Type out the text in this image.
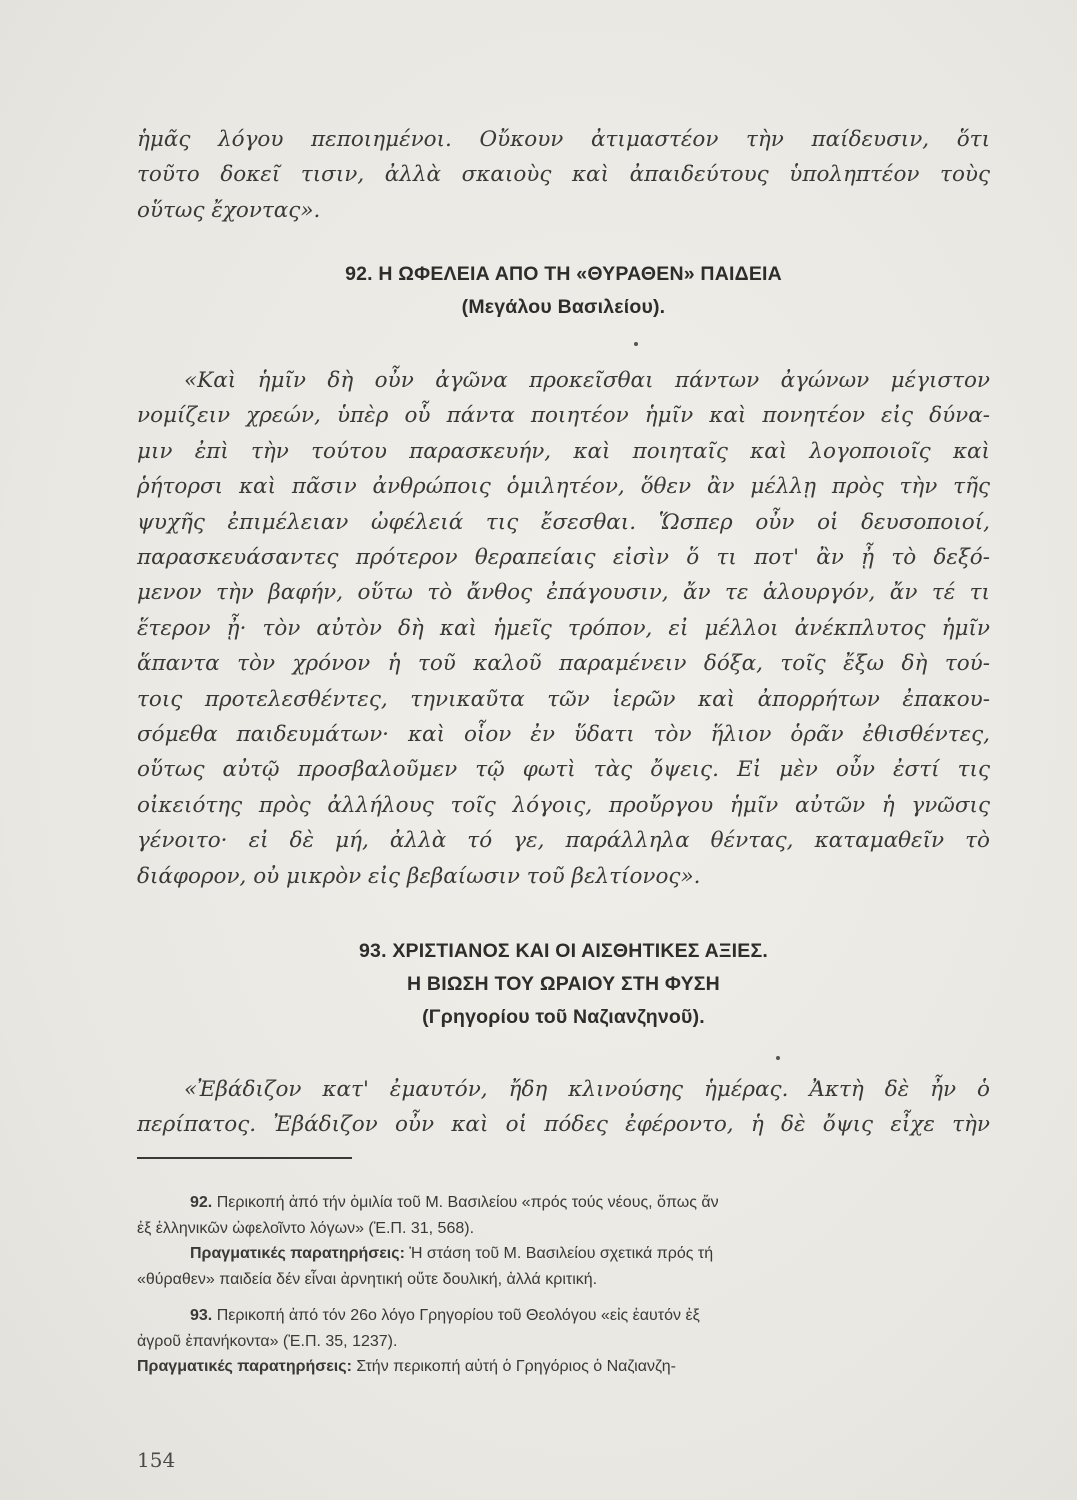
ἡμᾶς λόγου πεποιημένοι. Οὔκουν ἀτιμαστέον τὴν παίδευσιν, ὅτι
τοῦτο δοκεῖ τισιν, ἀλλὰ σκαιοὺς καὶ ἀπαιδεύτους ὑποληπτέον τοὺς
οὕτως ἔχοντας».
92. Η ΩΦΕΛΕΙΑ ΑΠΟ ΤΗ «ΘΥΡΑΘΕΝ» ΠΑΙΔΕΙΑ
(Μεγάλου Βασιλείου).
«Καὶ ἡμῖν δὴ οὖν ἀγῶνα προκεῖσθαι πάντων ἀγώνων μέγιστον
νομίζειν χρεών, ὑπὲρ οὗ πάντα ποιητέον ἡμῖν καὶ πονητέον εἰς δύνα-
μιν ἐπὶ τὴν τούτου παρασκευήν, καὶ ποιηταῖς καὶ λογοποιοῖς καὶ
ῥήτορσι καὶ πᾶσιν ἀνθρώποις ὁμιλητέον, ὅθεν ἂν μέλλῃ πρὸς τὴν τῆς
ψυχῆς ἐπιμέλειαν ὠφέλειά τις ἔσεσθαι. Ὥσπερ οὖν οἱ δευσοποιοί,
παρασκευάσαντες πρότερον θεραπείαις εἰσὶν ὅ τι ποτ' ἂν ᾖ τὸ δεξό-
μενον τὴν βαφήν, οὕτω τὸ ἄνθος ἐπάγουσιν, ἄν τε ἁλουργόν, ἄν τέ τι
ἕτερον ᾖ· τὸν αὐτὸν δὴ καὶ ἡμεῖς τρόπον, εἰ μέλλοι ἀνέκπλυτος ἡμῖν
ἅπαντα τὸν χρόνον ἡ τοῦ καλοῦ παραμένειν δόξα, τοῖς ἔξω δὴ τού-
τοις προτελεσθέντες, τηνικαῦτα τῶν ἱερῶν καὶ ἀπορρήτων ἐπακου-
σόμεθα παιδευμάτων· καὶ οἷον ἐν ὕδατι τὸν ἥλιον ὁρᾶν ἐθισθέντες,
οὕτως αὐτῷ προσβαλοῦμεν τῷ φωτὶ τὰς ὄψεις. Εἰ μὲν οὖν ἐστί τις
οἰκειότης πρὸς ἀλλήλους τοῖς λόγοις, προὔργου ἡμῖν αὐτῶν ἡ γνῶσις
γένοιτο· εἰ δὲ μή, ἀλλὰ τό γε, παράλληλα θέντας, καταμαθεῖν τὸ
διάφορον, οὐ μικρὸν εἰς βεβαίωσιν τοῦ βελτίονος».
93. ΧΡΙΣΤΙΑΝΟΣ ΚΑΙ ΟΙ ΑΙΣΘΗΤΙΚΕΣ ΑΞΙΕΣ.
Η ΒΙΩΣΗ ΤΟΥ ΩΡΑΙΟΥ ΣΤΗ ΦΥΣΗ
(Γρηγορίου τοῦ Ναζιανζηνοῦ).
«Ἐβάδιζον κατ' ἐμαυτόν, ἤδη κλινούσης ἡμέρας. Ἀκτὴ δὲ ἦν ὁ
περίπατος. Ἐβάδιζον οὖν καὶ οἱ πόδες ἐφέροντο, ἡ δὲ ὄψις εἶχε τὴν
92. Περικοπή ἀπό τήν ὁμιλία τοῦ Μ. Βασιλείου «πρός τούς νέους, ὅπως ἄν
ἐξ ἑλληνικῶν ὠφελοῖντο λόγων» (Ἐ.Π. 31, 568).
Πραγματικές παρατηρήσεις: Ἡ στάση τοῦ Μ. Βασιλείου σχετικά πρός τή
«θύραθεν» παιδεία δέν εἶναι ἀρνητική οὔτε δουλική, ἀλλά κριτική.
93. Περικοπή ἀπό τόν 26ο λόγο Γρηγορίου τοῦ Θεολόγου «εἰς ἑαυτόν ἐξ
ἀγροῦ ἐπανήκοντα» (Ἐ.Π. 35, 1237).
Πραγματικές παρατηρήσεις: Στήν περικοπή αὐτή ὁ Γρηγόριος ὁ Ναζιανζη-
154
